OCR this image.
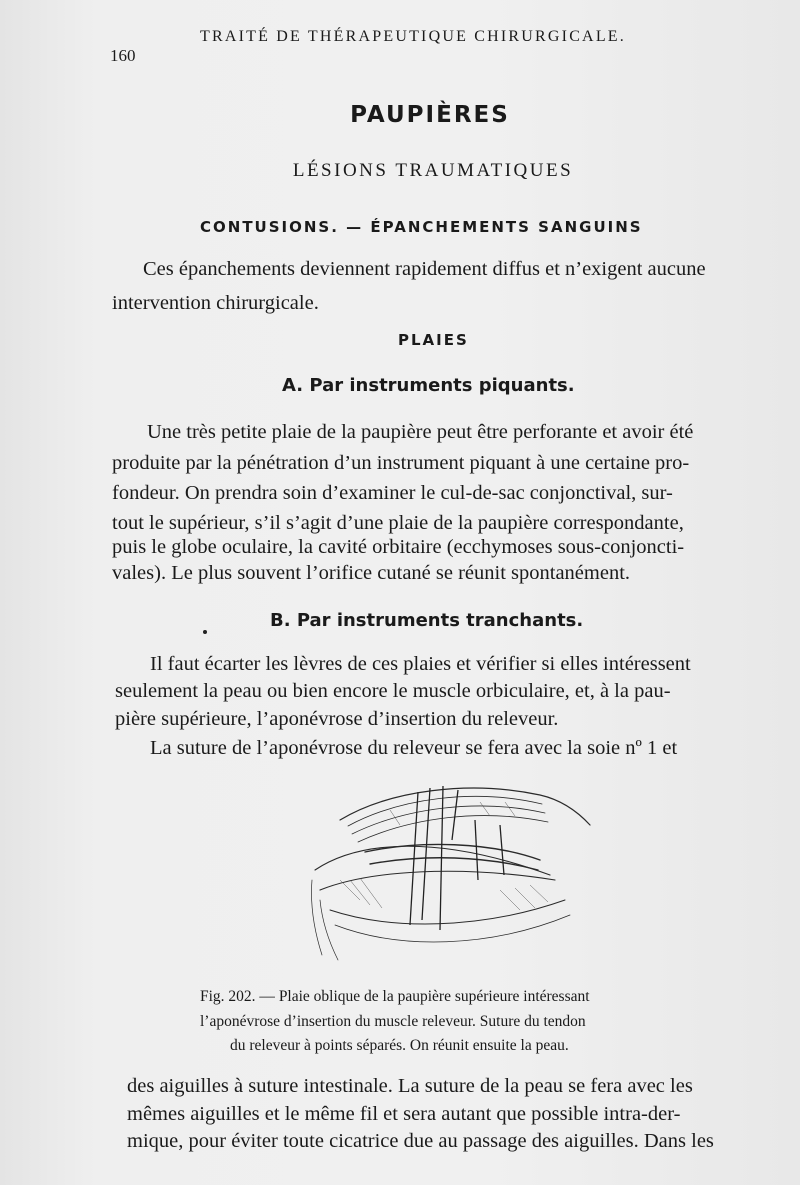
160
TRAITÉ DE THÉRAPEUTIQUE CHIRURGICALE.
PAUPIÈRES
LÉSIONS TRAUMATIQUES
CONTUSIONS. — ÉPANCHEMENTS SANGUINS
Ces épanchements deviennent rapidement diffus et n’exigent aucune
intervention chirurgicale.
PLAIES
A. Par instruments piquants.
Une très petite plaie de la paupière peut être perforante et avoir été
produite par la pénétration d’un instrument piquant à une certaine pro-
fondeur. On prendra soin d’examiner le cul-de-sac conjonctival, sur-
tout le supérieur, s’il s’agit d’une plaie de la paupière correspondante,
puis le globe oculaire, la cavité orbitaire (ecchymoses sous-conjoncti-
vales). Le plus souvent l’orifice cutané se réunit spontanément.
B. Par instruments tranchants.
Il faut écarter les lèvres de ces plaies et vérifier si elles intéressent
seulement la peau ou bien encore le muscle orbiculaire, et, à la pau-
pière supérieure, l’aponévrose d’insertion du releveur.
La suture de l’aponévrose du releveur se fera avec la soie nº 1 et
Fig. 202. — Plaie oblique de la paupière supérieure intéressant
l’aponévrose d’insertion du muscle releveur. Suture du tendon
du releveur à points séparés. On réunit ensuite la peau.
des aiguilles à suture intestinale. La suture de la peau se fera avec les
mêmes aiguilles et le même fil et sera autant que possible intra-der-
mique, pour éviter toute cicatrice due au passage des aiguilles. Dans les
